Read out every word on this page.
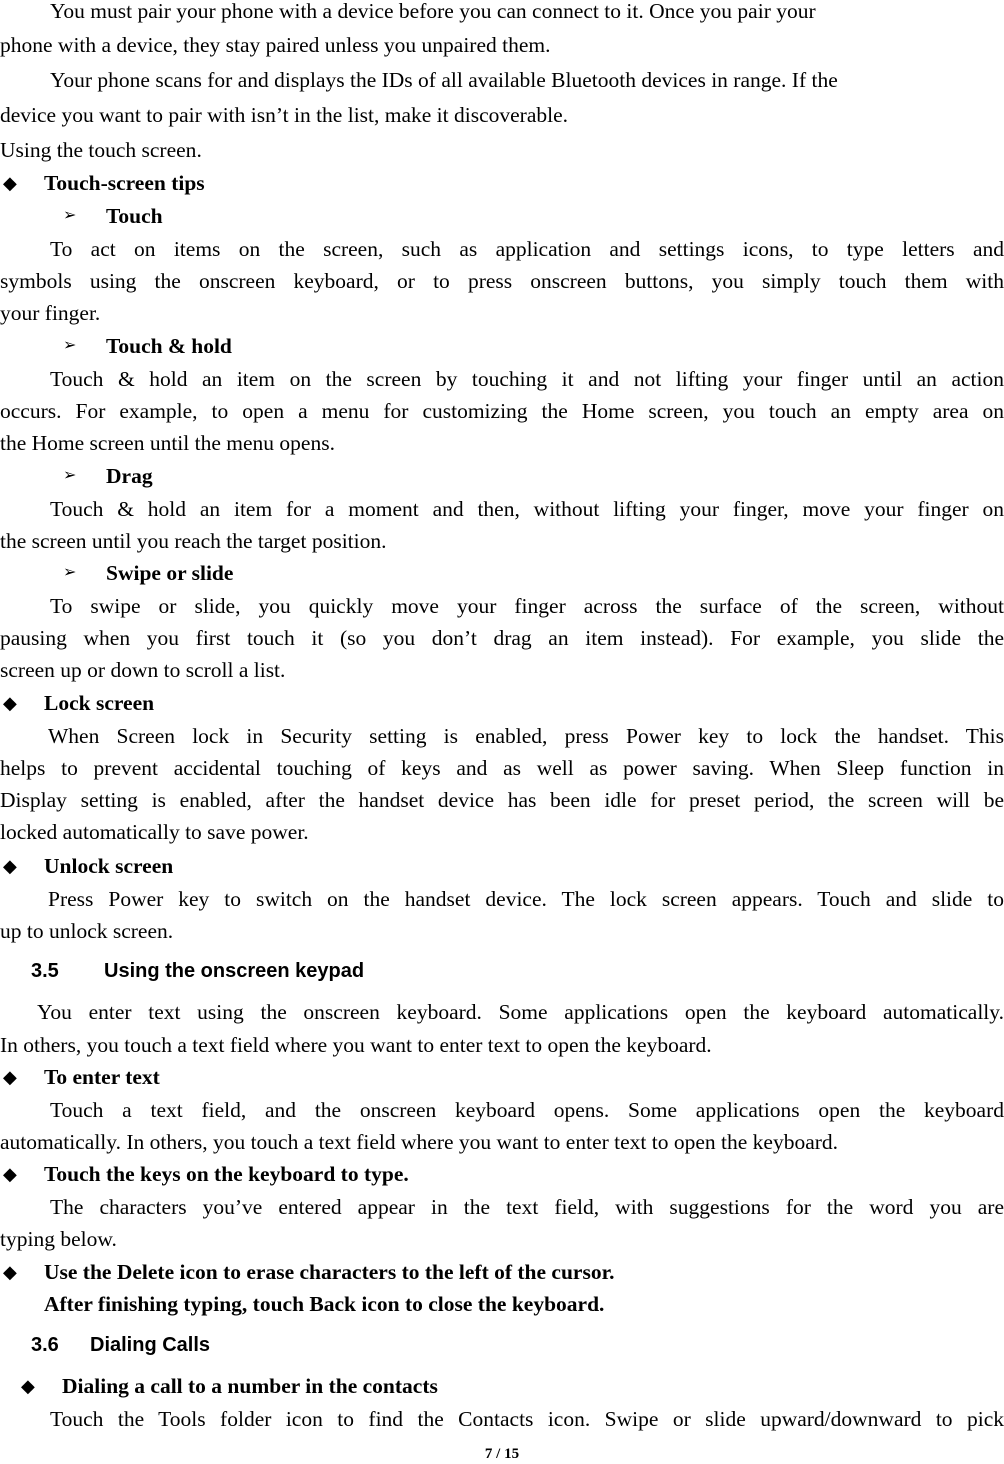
You must pair your phone with a device before you can connect to it. Once you pair your
phone with a device, they stay paired unless you unpaired them.
Your phone scans for and displays the IDs of all available Bluetooth devices in range. If the
device you want to pair with isn’t in the list, make it discoverable.
Using the touch screen.
◆	Touch-screen tips
➢	Touch
To act on items on the screen, such as application and settings icons, to type letters and
symbols using the onscreen keyboard, or to press onscreen buttons, you simply touch them with
your finger.
➢	Touch & hold
Touch & hold an item on the screen by touching it and not lifting your finger until an action
occurs. For example, to open a menu for customizing the Home screen, you touch an empty area on
the Home screen until the menu opens.
➢	Drag
Touch & hold an item for a moment and then, without lifting your finger, move your finger on
the screen until you reach the target position.
➢	Swipe or slide
To swipe or slide, you quickly move your finger across the surface of the screen, without
pausing when you first touch it (so you don’t drag an item instead). For example, you slide the
screen up or down to scroll a list.
◆	Lock screen
When Screen lock in Security setting is enabled, press Power key to lock the handset. This
helps to prevent accidental touching of keys and as well as power saving. When Sleep function in
Display setting is enabled, after the handset device has been idle for preset period, the screen will be
locked automatically to save power.
◆	Unlock screen
Press Power key to switch on the handset device. The lock screen appears. Touch and slide to
up to unlock screen.
3.5 Using the onscreen keypad
You enter text using the onscreen keyboard. Some applications open the keyboard automatically.
In others, you touch a text field where you want to enter text to open the keyboard.
◆	To enter text
Touch a text field, and the onscreen keyboard opens. Some applications open the keyboard
automatically. In others, you touch a text field where you want to enter text to open the keyboard.
◆	Touch the keys on the keyboard to type.
The characters you’ve entered appear in the text field, with suggestions for the word you are
typing below.
◆	Use the Delete icon to erase characters to the left of the cursor.
After finishing typing, touch Back icon to close the keyboard.
3.6 Dialing Calls
◆	Dialing a call to a number in the contacts
Touch the Tools folder icon to find the Contacts icon. Swipe or slide upward/downward to pick
7 / 15
